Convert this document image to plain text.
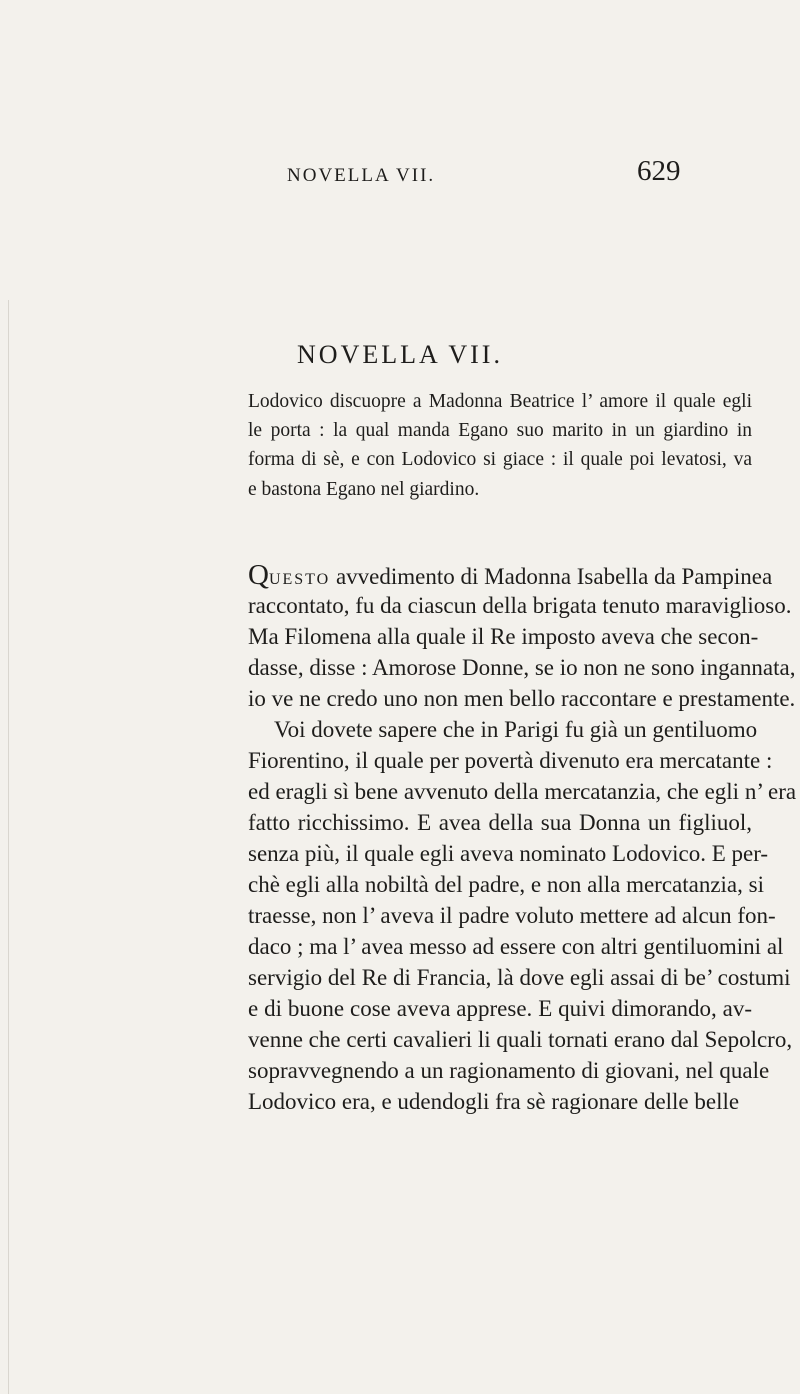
NOVELLA VII.	629
NOVELLA VII.
Lodovico discuopre a Madonna Beatrice l’ amore il quale egli
le porta : la qual manda Egano suo marito in un giardino in
forma di sè, e con Lodovico si giace : il quale poi levatosi, va
e bastona Egano nel giardino.
QUESTO avvedimento di Madonna Isabella da Pampinea
raccontato, fu da ciascun della brigata tenuto maraviglioso.
Ma Filomena alla quale il Re imposto aveva che secon-
dasse, disse : Amorose Donne, se io non ne sono ingannata,
io ve ne credo uno non men bello raccontare e prestamente.
Voi dovete sapere che in Parigi fu già un gentiluomo
Fiorentino, il quale per povertà divenuto era mercatante :
ed eragli sì bene avvenuto della mercatanzia, che egli n’ era
fatto ricchissimo. E avea della sua Donna un figliuol,
senza più, il quale egli aveva nominato Lodovico. E per-
chè egli alla nobiltà del padre, e non alla mercatanzia, si
traesse, non l’ aveva il padre voluto mettere ad alcun fon-
daco ; ma l’ avea messo ad essere con altri gentiluomini al
servigio del Re di Francia, là dove egli assai di be’ costumi
e di buone cose aveva apprese. E quivi dimorando, av-
venne che certi cavalieri li quali tornati erano dal Sepolcro,
sopravvegnendo a un ragionamento di giovani, nel quale
Lodovico era, e udendogli fra sè ragionare delle belle
